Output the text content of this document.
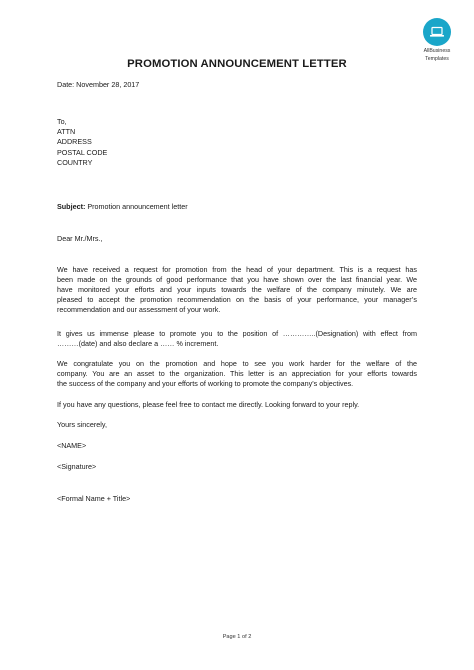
AllBusiness
Templates
PROMOTION ANNOUNCEMENT LETTER
Date: November 28, 2017
To,
ATTN
ADDRESS
POSTAL CODE
COUNTRY
Subject: Promotion announcement letter
Dear Mr./Mrs.,
We have received a request for promotion from the head of your department. This is a request has
been made on the grounds of good performance that you have shown over the last financial year. We
have monitored your efforts and your inputs towards the welfare of the company minutely. We are
pleased to accept the promotion recommendation on the basis of your performance, your manager’s
recommendation and our assessment of your work.
It gives us immense please to promote you to the position of …………..(Designation) with effect from
………(date) and also declare a …… % increment.
We congratulate you on the promotion and hope to see you work harder for the welfare of the
company. You are an asset to the organization. This letter is an appreciation for your efforts towards
the success of the company and your efforts of working to promote the company’s objectives.
If you have any questions, please feel free to contact me directly. Looking forward to your reply.
Yours sincerely,
<NAME>
<Signature>
<Formal Name + Title>
Page 1 of 2
